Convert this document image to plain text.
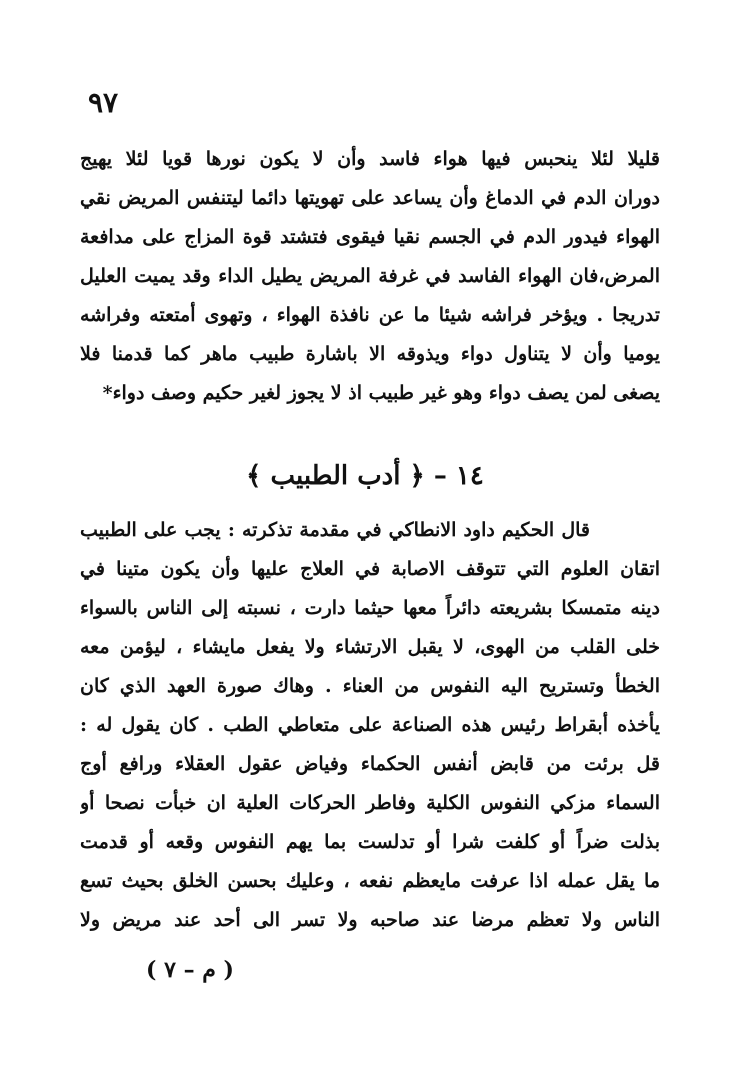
٩٧
قليلا لئلا ينحبس فيها هواء فاسد وأن لا يكون نورها قويا لئلا يهيج
دوران الدم في الدماغ وأن يساعد على تهويتها دائما ليتنفس المريض نقي
الهواء فيدور الدم في الجسم نقيا فيقوى فتشتد قوة المزاج على مدافعة
المرض،فان الهواء الفاسد في غرفة المريض يطيل الداء وقد يميت العليل
تدريجا . ويؤخر فراشه شيئا ما عن نافذة الهواء ، وتهوى أمتعته وفراشه
يوميا وأن لا يتناول دواء ويذوقه الا باشارة طبيب ماهر كما قدمنا فلا
يصغى لمن يصف دواء وهو غير طبيب اذ لا يجوز لغير حكيم وصف دواء*
١٤ – ﴿ أدب الطبيب ﴾
قال الحكيم داود الانطاكي في مقدمة تذكرته : يجب على الطبيب
اتقان العلوم التي تتوقف الاصابة في العلاج عليها وأن يكون متينا في
دينه متمسكا بشريعته دائراً معها حيثما دارت ، نسبته إلى الناس بالسواء
خلى القلب من الهوى، لا يقبل الارتشاء ولا يفعل مايشاء ، ليؤمن معه
الخطأ وتستريح اليه النفوس من العناء . وهاك صورة العهد الذي كان
يأخذه أبقراط رئيس هذه الصناعة على متعاطي الطب . كان يقول له :
قل برئت من قابض أنفس الحكماء وفياض عقول العقلاء ورافع أوج
السماء مزكي النفوس الكلية وفاطر الحركات العلية ان خبأت نصحا أو
بذلت ضراً أو كلفت شرا أو تدلست بما يهم النفوس وقعه أو قدمت
ما يقل عمله اذا عرفت مايعظم نفعه ، وعليك بحسن الخلق بحيث تسع
الناس ولا تعظم مرضا عند صاحبه ولا تسر الى أحد عند مريض ولا
( م – ٧ )
